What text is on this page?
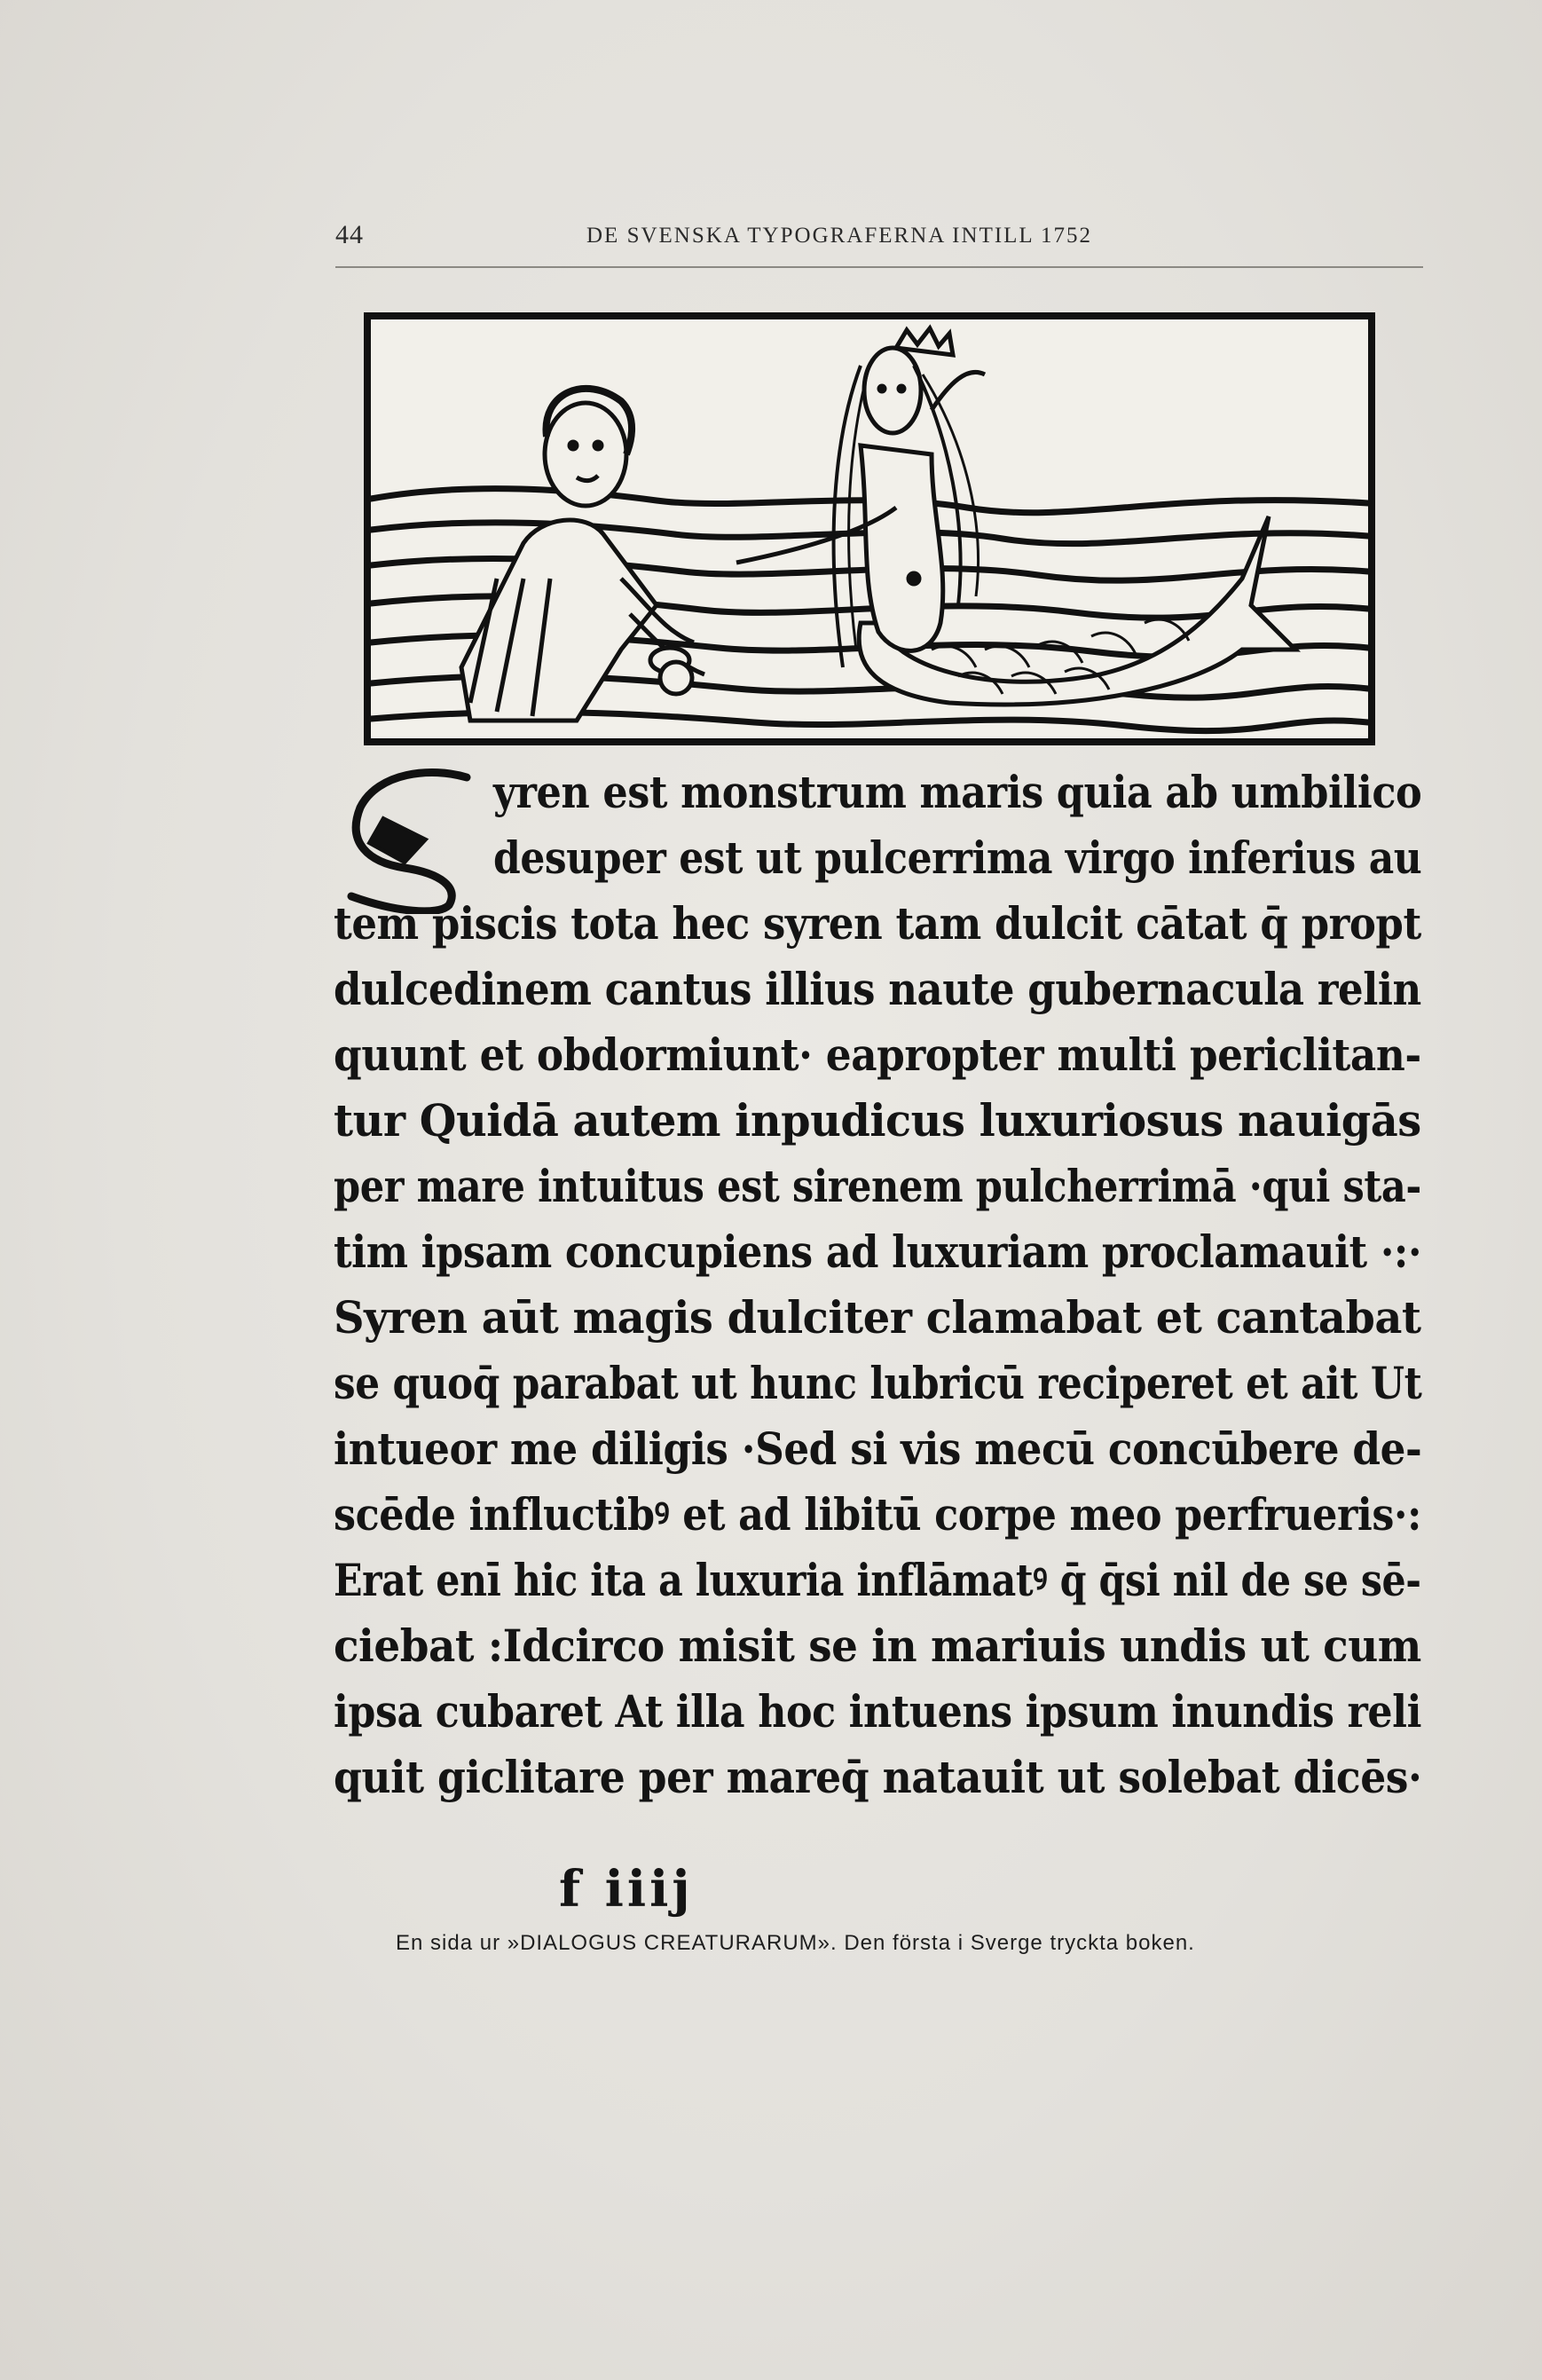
44	DE SVENSKA TYPOGRAFERNA INTILL 1752
S
yren est monstrum maris quia ab umbilico
desuper est ut pulcerrima virgo inferius au
tem piscis tota hec syren tam dulcit cātat q̄ propt
dulcedinem cantus illius naute gubernacula relin
quunt et obdormiunt· eapropter multi periclitan-
tur Quidā autem inpudicus luxuriosus nauigās
per mare intuitus est sirenem pulcherrimā ·qui sta-
tim ipsam concupiens ad luxuriam proclamauit ·:·
Syren aūt magis dulciter clamabat et cantabat
se quoq̄ parabat ut hunc lubricū reciperet et ait Ut
intueor me diligis ·Sed si vis mecū concūbere de-
scēde influctibꝰ et ad libitū corpe meo perfrueris·:
Erat enī hic ita a luxuria inflāmatꝰ q̄ q̄si nil de se sē-
ciebat :Idcirco misit se in mariuis undis ut cum
ipsa cubaret At illa hoc intuens ipsum inundis reli
quit giclitare per mareq̄ natauit ut solebat dicēs·
f iiij
En sida ur »DIALOGUS CREATURARUM». Den första i Sverge tryckta boken.
